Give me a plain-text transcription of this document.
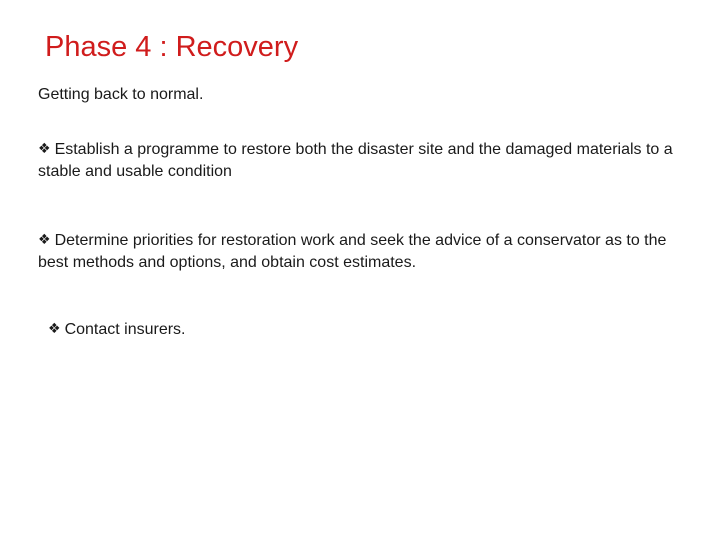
Phase 4 : Recovery

Getting back to normal.

❖ Establish a programme to restore both the disaster site and the damaged materials to a stable and usable condition

❖ Determine priorities for restoration work and seek the advice of a conservator as to the best methods and options, and obtain cost estimates.

❖ Contact insurers.
